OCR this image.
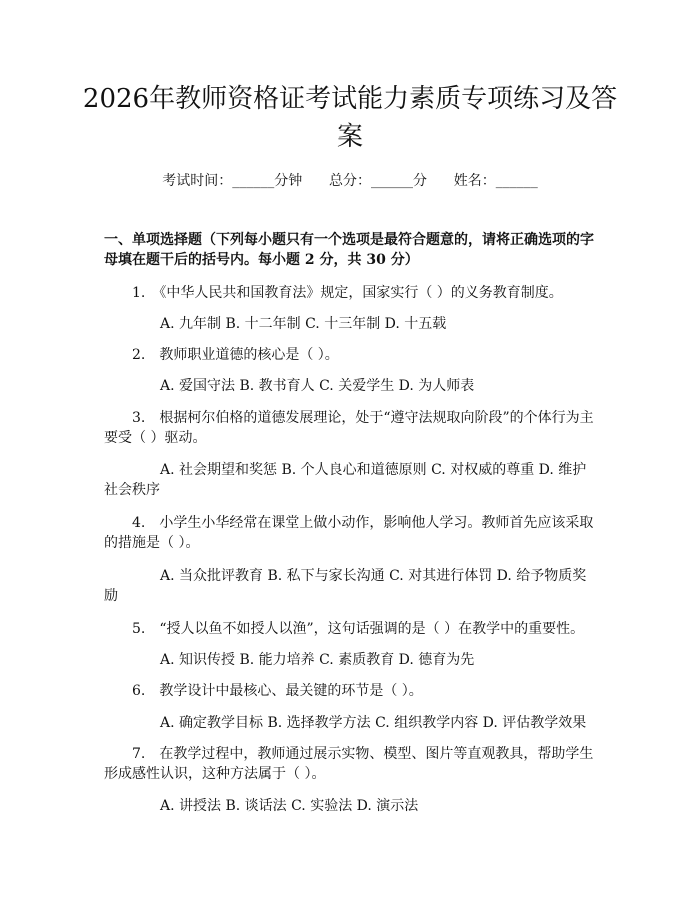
2026年教师资格证考试能力素质专项练习及答案
考试时间：______分钟 总分：______分 姓名：______

一、单项选择题（下列每小题只有一个选项是最符合题意的，请将正确选项的字母填在题干后的括号内。每小题 2 分，共 30 分）

1.　《中华人民共和国教育法》规定，国家实行（ ）的义务教育制度。

A. 九年制 B. 十二年制 C. 十三年制 D. 十五载

2.　教师职业道德的核心是（ ）。

A. 爱国守法 B. 教书育人 C. 关爱学生 D. 为人师表

3.　根据柯尔伯格的道德发展理论，处于“遵守法规取向阶段”的个体行为主要受（ ）驱动。

A. 社会期望和奖惩 B. 个人良心和道德原则 C. 对权威的尊重 D. 维护社会秩序

4.　小学生小华经常在课堂上做小动作，影响他人学习。教师首先应该采取的措施是（ ）。

A. 当众批评教育 B. 私下与家长沟通 C. 对其进行体罚 D. 给予物质奖励

5.　“授人以鱼不如授人以渔”，这句话强调的是（ ）在教学中的重要性。

A. 知识传授 B. 能力培养 C. 素质教育 D. 德育为先

6.　教学设计中最核心、最关键的环节是（ ）。

A. 确定教学目标 B. 选择教学方法 C. 组织教学内容 D. 评估教学效果

7.　在教学过程中，教师通过展示实物、模型、图片等直观教具，帮助学生形成感性认识，这种方法属于（ ）。

A. 讲授法 B. 谈话法 C. 实验法 D. 演示法
